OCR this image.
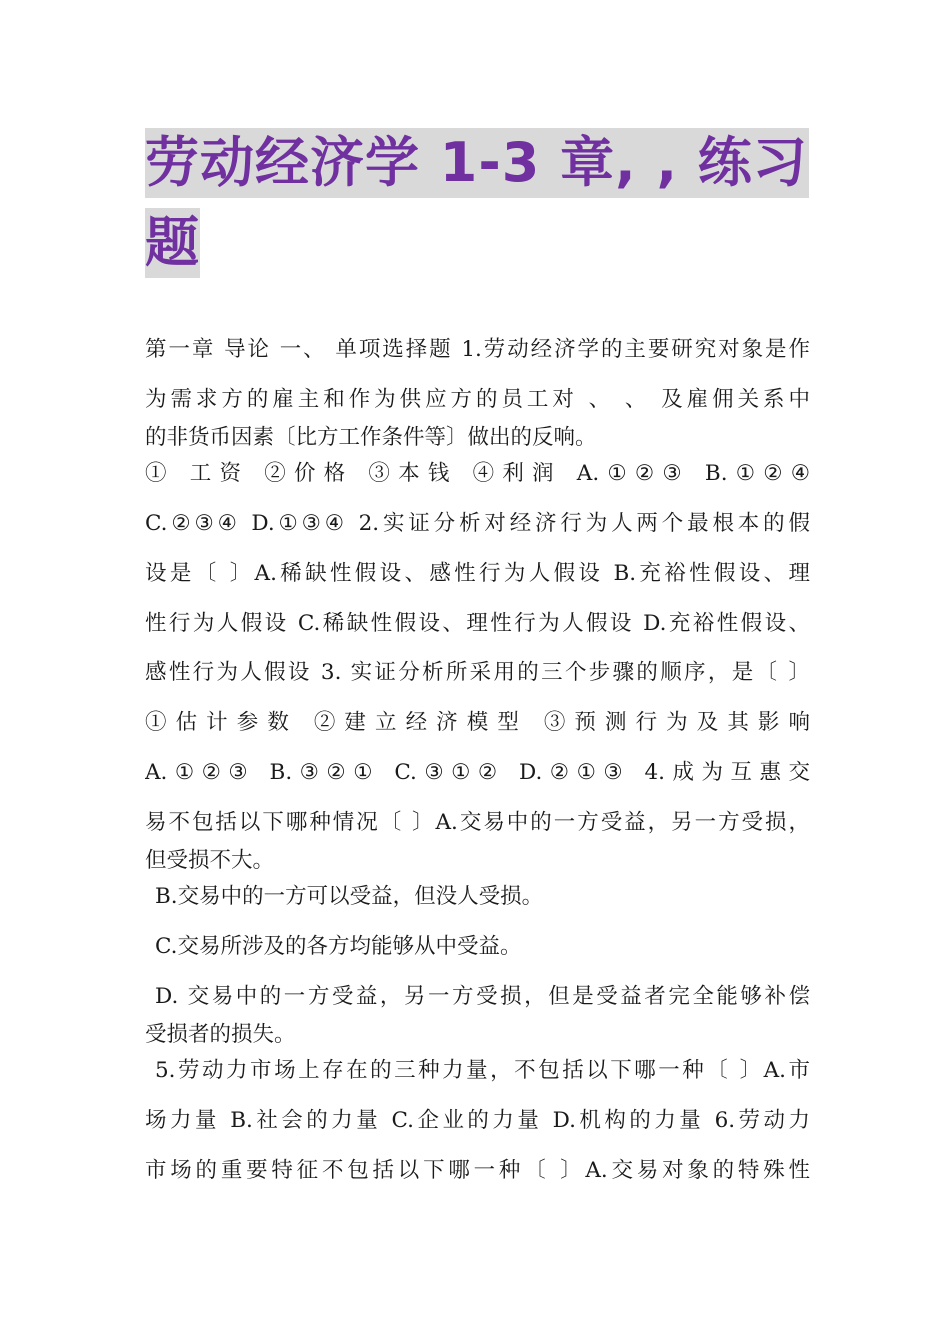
劳动经济学 1-3 章, , 练习
题
第一章 导论 一、 单项选择题 1.劳动经济学的主要研究对象是作
为需求方的雇主和作为供应方的员工对 、 、 及雇佣关系中
的非货币因素〔比方工作条件等〕做出的反响。
① 工资 ②价格 ③本钱 ④利润 A.①②③ B.①②④
C.②③④ D.①③④ 2.实证分析对经济行为人两个最根本的假
设是〔 〕A.稀缺性假设、感性行为人假设 B.充裕性假设、理
性行为人假设 C.稀缺性假设、理性行为人假设 D.充裕性假设、
感性行为人假设 3. 实证分析所采用的三个步骤的顺序，是〔 〕
①估计参数 ②建立经济模型 ③预测行为及其影响
A.①②③ B.③②① C.③①② D.②①③ 4.成为互惠交
易不包括以下哪种情况〔 〕A.交易中的一方受益，另一方受损，
但受损不大。
B.交易中的一方可以受益，但没人受损。
C.交易所涉及的各方均能够从中受益。
D. 交易中的一方受益，另一方受损，但是受益者完全能够补偿
受损者的损失。
5.劳动力市场上存在的三种力量，不包括以下哪一种〔 〕A.市
场力量 B.社会的力量 C.企业的力量 D.机构的力量 6.劳动力
市场的重要特征不包括以下哪一种〔 〕A.交易对象的特殊性
